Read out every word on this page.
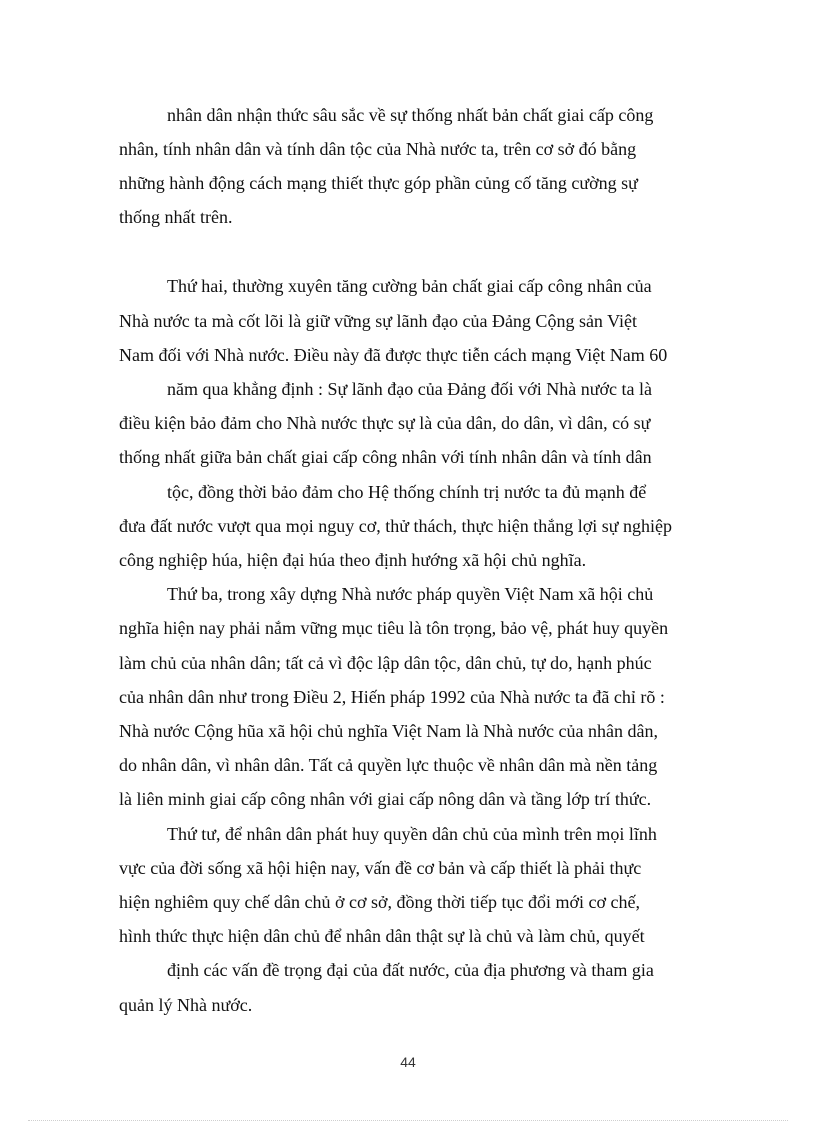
nhân dân nhận thức sâu sắc về sự thống nhất bản chất giai cấp công
nhân, tính nhân dân và tính dân tộc của Nhà nước ta, trên cơ sở đó bằng
những hành động cách mạng thiết thực góp phần củng cố tăng cường sự
thống nhất trên.
Thứ hai, thường xuyên tăng cường bản chất giai cấp công nhân của
Nhà nước ta mà cốt lõi là giữ vững sự lãnh đạo của Đảng Cộng sản Việt
Nam đối với Nhà nước. Điều này đã được thực tiễn cách mạng Việt Nam 60
năm qua khẳng định : Sự lãnh đạo của Đảng đối với Nhà nước ta là
điều kiện bảo đảm cho Nhà nước thực sự là của dân, do dân, vì dân, có sự
thống nhất giữa bản chất giai cấp công nhân với tính nhân dân và tính dân
tộc, đồng thời bảo đảm cho Hệ thống chính trị nước ta đủ mạnh để
đưa đất nước vượt qua mọi nguy cơ, thử thách, thực hiện thắng lợi sự nghiệp
công nghiệp húa, hiện đại húa theo định hướng xã hội chủ nghĩa.
Thứ ba, trong xây dựng Nhà nước pháp quyền Việt Nam xã hội chủ
nghĩa hiện nay phải nắm vững mục tiêu là tôn trọng, bảo vệ, phát huy quyền
làm chủ của nhân dân; tất cả vì độc lập dân tộc, dân chủ, tự do, hạnh phúc
của nhân dân như trong Điều 2, Hiến pháp 1992 của Nhà nước ta đã chỉ rõ :
Nhà nước Cộng hũa xã hội chủ nghĩa Việt Nam là Nhà nước của nhân dân,
do nhân dân, vì nhân dân. Tất cả quyền lực thuộc về nhân dân mà nền tảng
là liên minh giai cấp công nhân với giai cấp nông dân và tầng lớp trí thức.
Thứ tư, để nhân dân phát huy quyền dân chủ của mình trên mọi lĩnh
vực của đời sống xã hội hiện nay, vấn đề cơ bản và cấp thiết là phải thực
hiện nghiêm quy chế dân chủ ở cơ sở, đồng thời tiếp tục đổi mới cơ chế,
hình thức thực hiện dân chủ để nhân dân thật sự là chủ và làm chủ, quyết
định các vấn đề trọng đại của đất nước, của địa phương và tham gia
quản lý Nhà nước.
44
